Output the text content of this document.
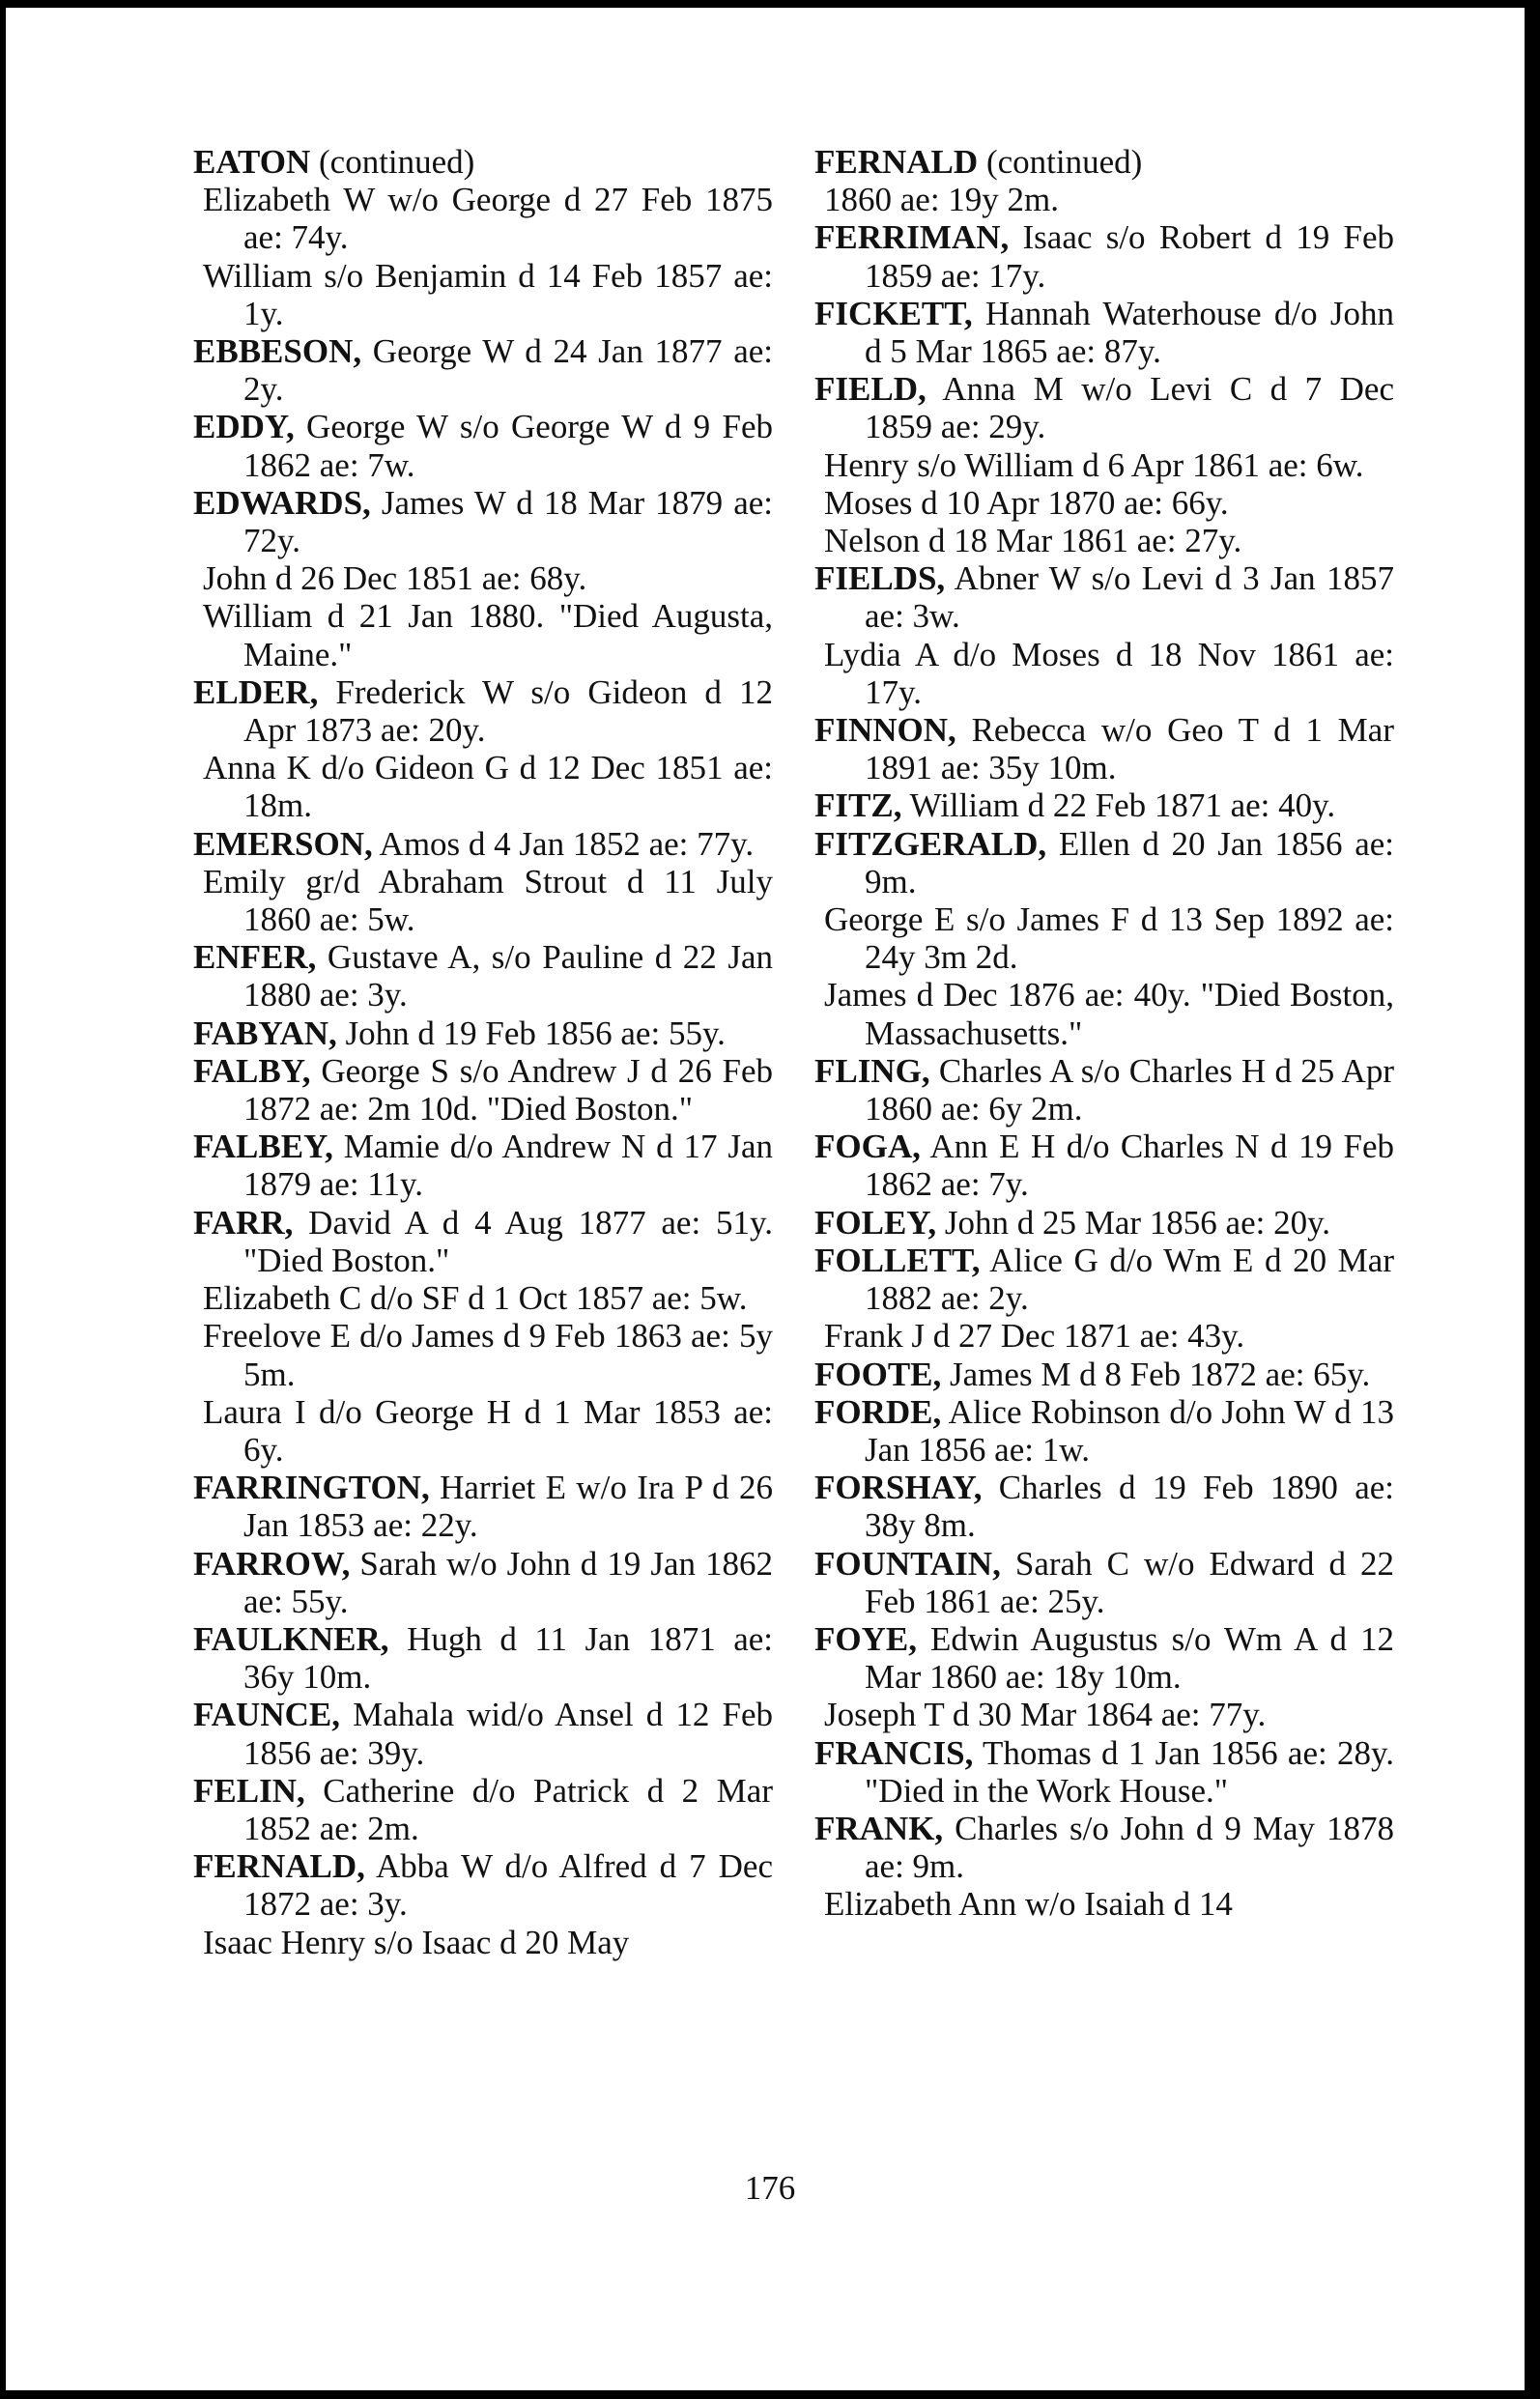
EATON (continued)
Elizabeth W w/o George d 27 Feb 1875 ae: 74y.
William s/o Benjamin d 14 Feb 1857 ae: 1y.
EBBESON, George W d 24 Jan 1877 ae: 2y.
EDDY, George W s/o George W d 9 Feb 1862 ae: 7w.
EDWARDS, James W d 18 Mar 1879 ae: 72y.
John d 26 Dec 1851 ae: 68y.
William d 21 Jan 1880. "Died Augusta, Maine."
ELDER, Frederick W s/o Gideon d 12 Apr 1873 ae: 20y.
Anna K d/o Gideon G d 12 Dec 1851 ae: 18m.
EMERSON, Amos d 4 Jan 1852 ae: 77y.
Emily gr/d Abraham Strout d 11 July 1860 ae: 5w.
ENFER, Gustave A, s/o Pauline d 22 Jan 1880 ae: 3y.
FABYAN, John d 19 Feb 1856 ae: 55y.
FALBY, George S s/o Andrew J d 26 Feb 1872 ae: 2m 10d. "Died Boston."
FALBEY, Mamie d/o Andrew N d 17 Jan 1879 ae: 11y.
FARR, David A d 4 Aug 1877 ae: 51y. "Died Boston."
Elizabeth C d/o SF d 1 Oct 1857 ae: 5w.
Freelove E d/o James d 9 Feb 1863 ae: 5y 5m.
Laura I d/o George H d 1 Mar 1853 ae: 6y.
FARRINGTON, Harriet E w/o Ira P d 26 Jan 1853 ae: 22y.
FARROW, Sarah w/o John d 19 Jan 1862 ae: 55y.
FAULKNER, Hugh d 11 Jan 1871 ae: 36y 10m.
FAUNCE, Mahala wid/o Ansel d 12 Feb 1856 ae: 39y.
FELIN, Catherine d/o Patrick d 2 Mar 1852 ae: 2m.
FERNALD, Abba W d/o Alfred d 7 Dec 1872 ae: 3y.
Isaac Henry s/o Isaac d 20 May
FERNALD (continued)
1860 ae: 19y 2m.
FERRIMAN, Isaac s/o Robert d 19 Feb 1859 ae: 17y.
FICKETT, Hannah Waterhouse d/o John d 5 Mar 1865 ae: 87y.
FIELD, Anna M w/o Levi C d 7 Dec 1859 ae: 29y.
Henry s/o William d 6 Apr 1861 ae: 6w.
Moses d 10 Apr 1870 ae: 66y.
Nelson d 18 Mar 1861 ae: 27y.
FIELDS, Abner W s/o Levi d 3 Jan 1857 ae: 3w.
Lydia A d/o Moses d 18 Nov 1861 ae: 17y.
FINNON, Rebecca w/o Geo T d 1 Mar 1891 ae: 35y 10m.
FITZ, William d 22 Feb 1871 ae: 40y.
FITZGERALD, Ellen d 20 Jan 1856 ae: 9m.
George E s/o James F d 13 Sep 1892 ae: 24y 3m 2d.
James d Dec 1876 ae: 40y. "Died Boston, Massachusetts."
FLING, Charles A s/o Charles H d 25 Apr 1860 ae: 6y 2m.
FOGA, Ann E H d/o Charles N d 19 Feb 1862 ae: 7y.
FOLEY, John d 25 Mar 1856 ae: 20y.
FOLLETT, Alice G d/o Wm E d 20 Mar 1882 ae: 2y.
Frank J d 27 Dec 1871 ae: 43y.
FOOTE, James M d 8 Feb 1872 ae: 65y.
FORDE, Alice Robinson d/o John W d 13 Jan 1856 ae: 1w.
FORSHAY, Charles d 19 Feb 1890 ae: 38y 8m.
FOUNTAIN, Sarah C w/o Edward d 22 Feb 1861 ae: 25y.
FOYE, Edwin Augustus s/o Wm A d 12 Mar 1860 ae: 18y 10m.
Joseph T d 30 Mar 1864 ae: 77y.
FRANCIS, Thomas d 1 Jan 1856 ae: 28y. "Died in the Work House."
FRANK, Charles s/o John d 9 May 1878 ae: 9m.
Elizabeth Ann w/o Isaiah d 14
176
